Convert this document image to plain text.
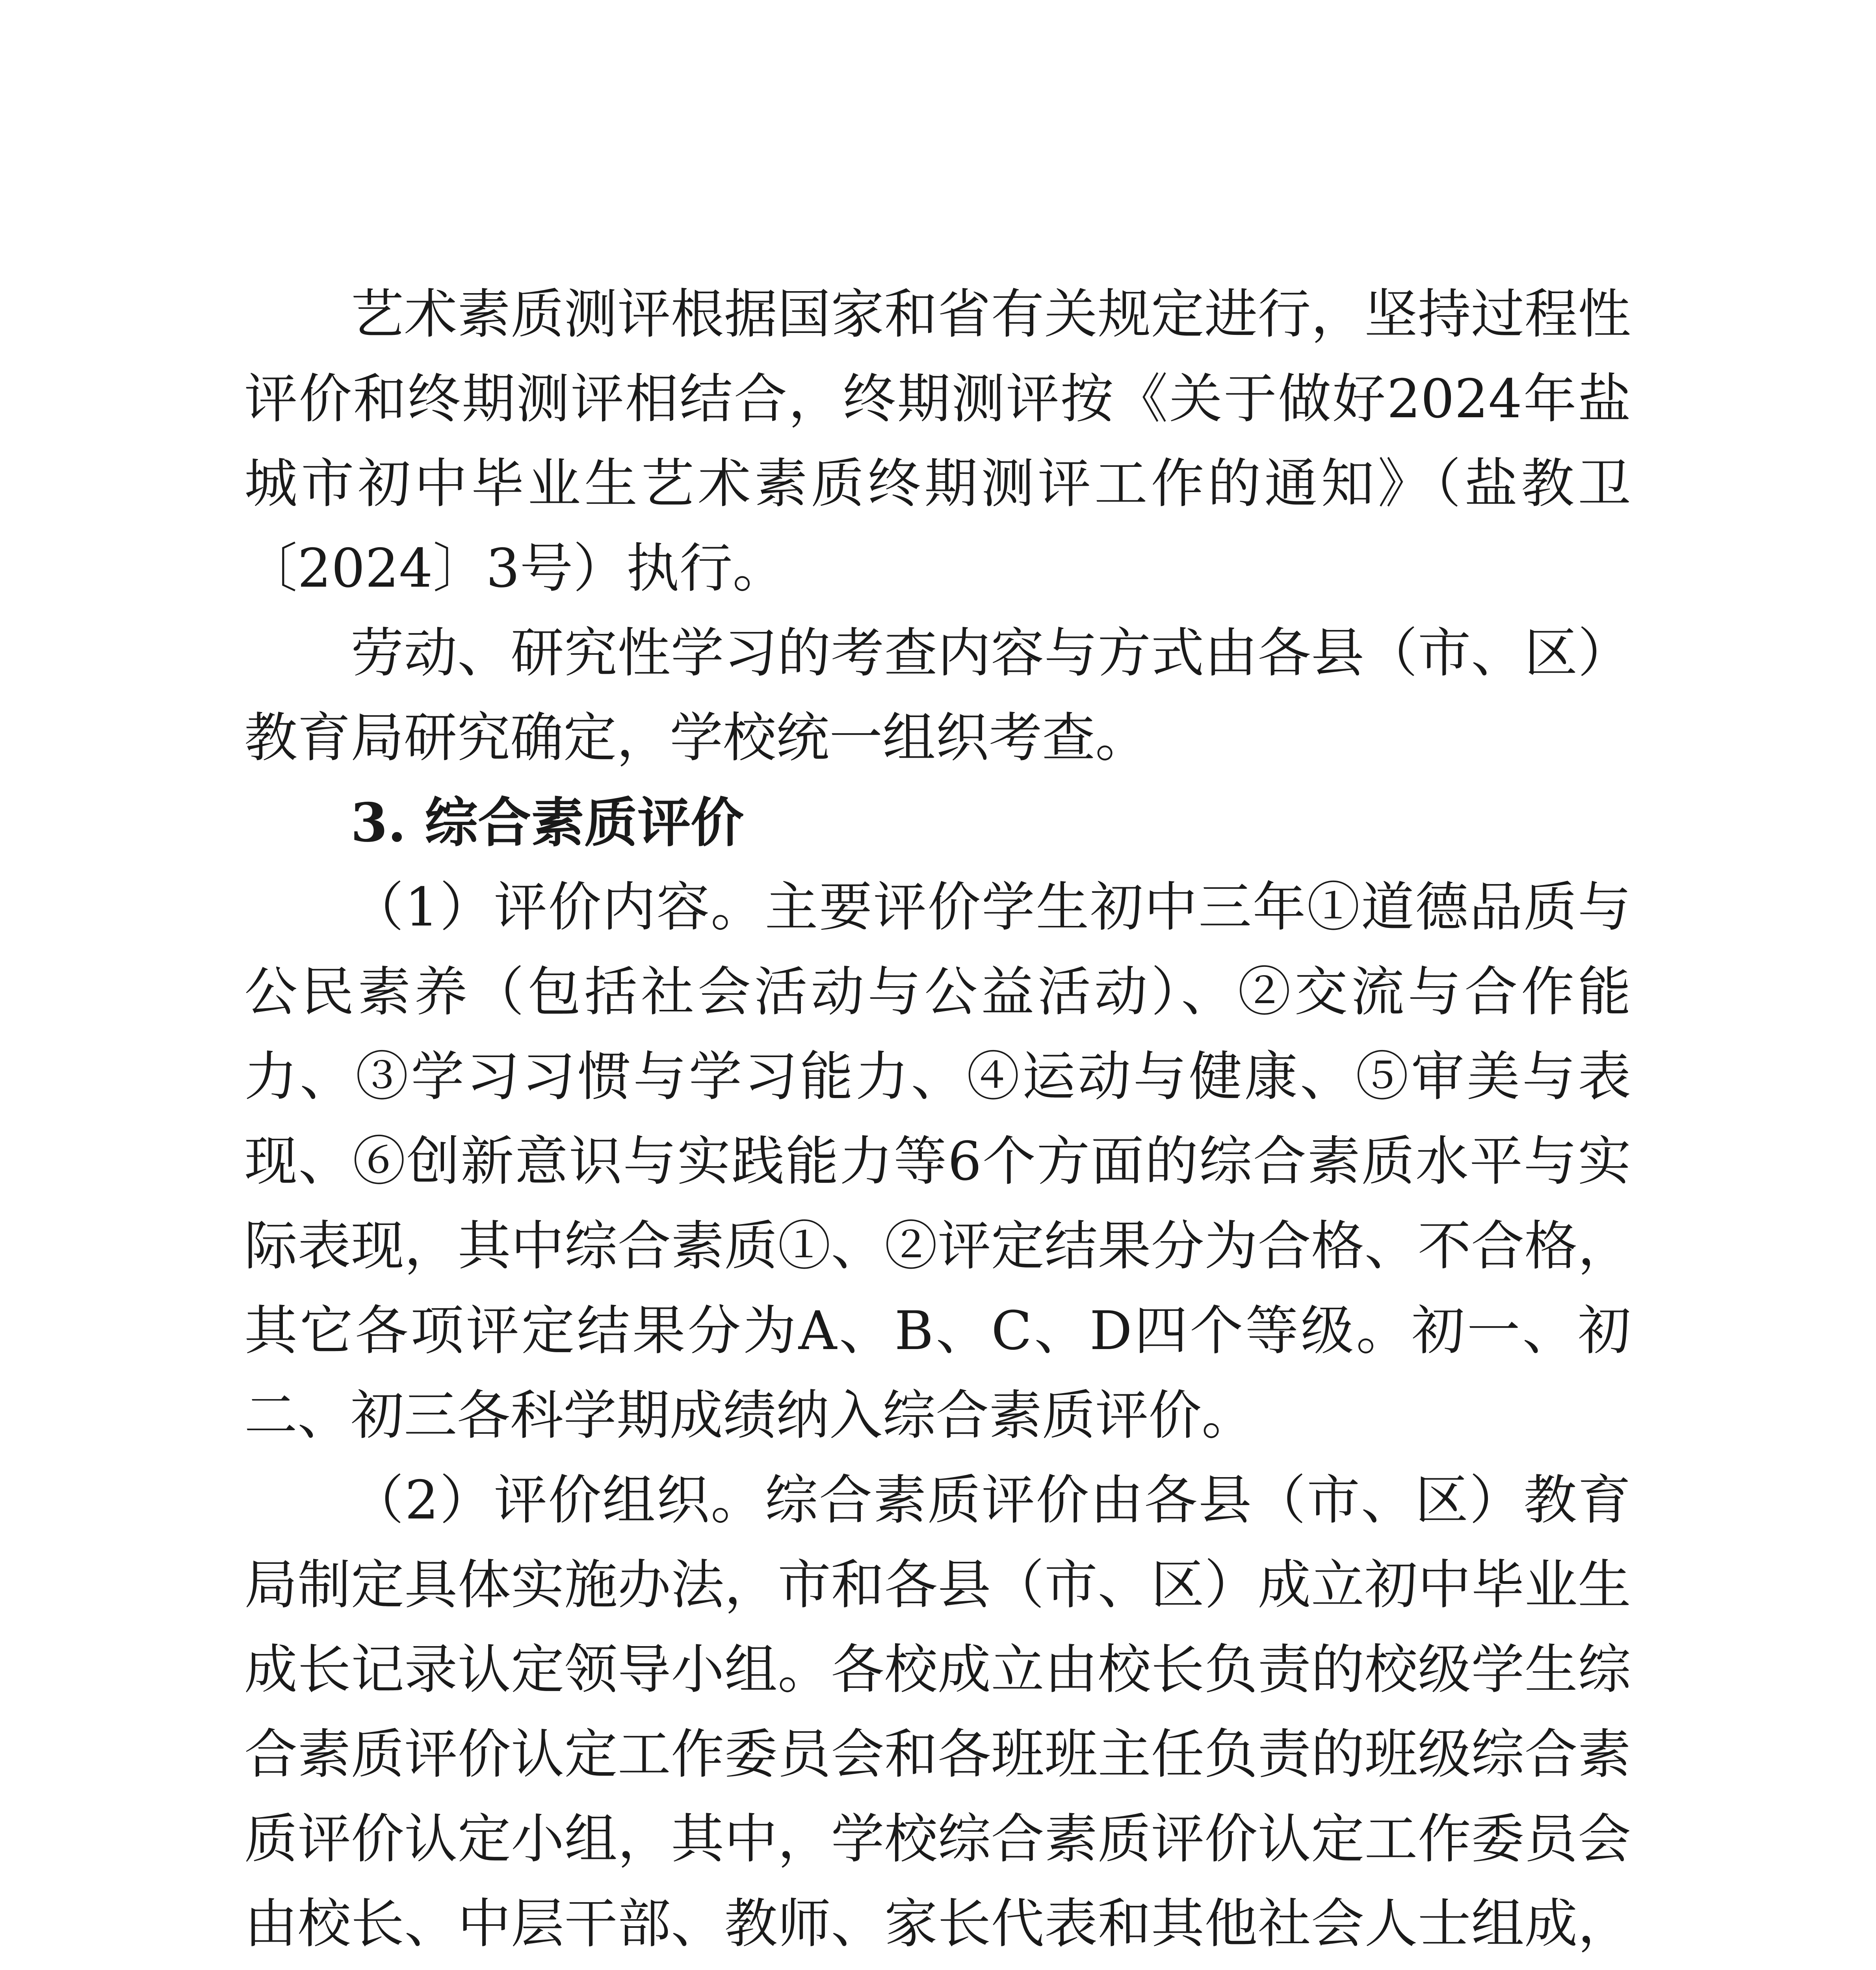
艺术素质测评根据国家和省有关规定进行，坚持过程性评价和终期测评相结合，终期测评按《关于做好2024年盐城市初中毕业生艺术素质终期测评工作的通知》（盐教卫〔2024〕3号）执行。

劳动、研究性学习的考查内容与方式由各县（市、区）教育局研究确定，学校统一组织考查。

3. 综合素质评价

（1）评价内容。主要评价学生初中三年①道德品质与公民素养（包括社会活动与公益活动）、②交流与合作能力、③学习习惯与学习能力、④运动与健康、⑤审美与表现、⑥创新意识与实践能力等6个方面的综合素质水平与实际表现，其中综合素质①、②评定结果分为合格、不合格，其它各项评定结果分为A、B、C、D四个等级。初一、初二、初三各科学期成绩纳入综合素质评价。

（2）评价组织。综合素质评价由各县（市、区）教育局制定具体实施办法，市和各县（市、区）成立初中毕业生成长记录认定领导小组。各校成立由校长负责的校级学生综合素质评价认定工作委员会和各班班主任负责的班级综合素质评价认定小组，其中，学校综合素质评价认定工作委员会由校长、中层干部、教师、家长代表和其他社会人士组成，
